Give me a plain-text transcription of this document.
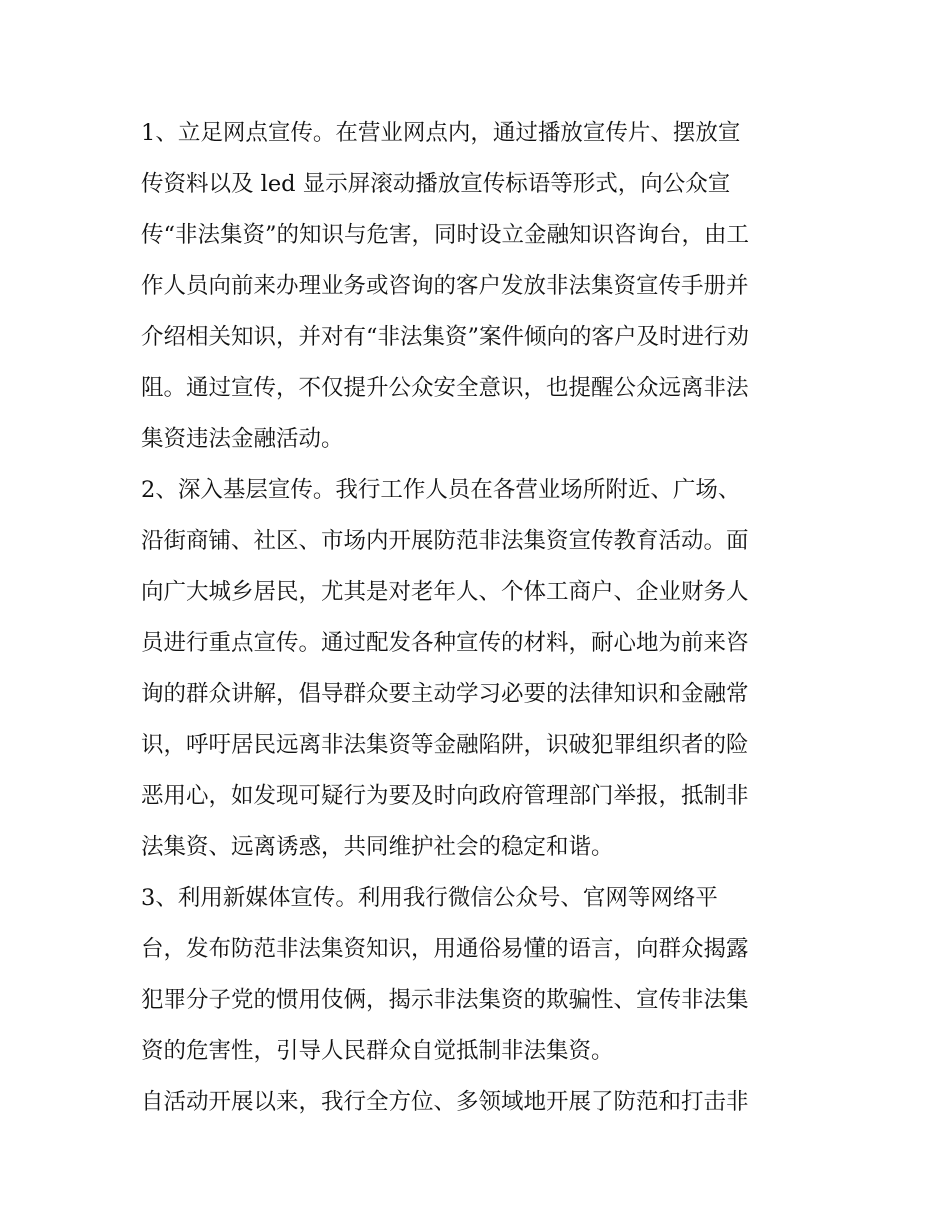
1、立足网点宣传。在营业网点内，通过播放宣传片、摆放宣
传资料以及 led 显示屏滚动播放宣传标语等形式，向公众宣
传“非法集资”的知识与危害，同时设立金融知识咨询台，由工
作人员向前来办理业务或咨询的客户发放非法集资宣传手册并
介绍相关知识，并对有“非法集资”案件倾向的客户及时进行劝
阻。通过宣传，不仅提升公众安全意识，也提醒公众远离非法
集资违法金融活动。
2、深入基层宣传。我行工作人员在各营业场所附近、广场、
沿街商铺、社区、市场内开展防范非法集资宣传教育活动。面
向广大城乡居民，尤其是对老年人、个体工商户、企业财务人
员进行重点宣传。通过配发各种宣传的材料，耐心地为前来咨
询的群众讲解，倡导群众要主动学习必要的法律知识和金融常
识，呼吁居民远离非法集资等金融陷阱，识破犯罪组织者的险
恶用心，如发现可疑行为要及时向政府管理部门举报，抵制非
法集资、远离诱惑，共同维护社会的稳定和谐。
3、利用新媒体宣传。利用我行微信公众号、官网等网络平
台，发布防范非法集资知识，用通俗易懂的语言，向群众揭露
犯罪分子党的惯用伎俩，揭示非法集资的欺骗性、宣传非法集
资的危害性，引导人民群众自觉抵制非法集资。
自活动开展以来，我行全方位、多领域地开展了防范和打击非
